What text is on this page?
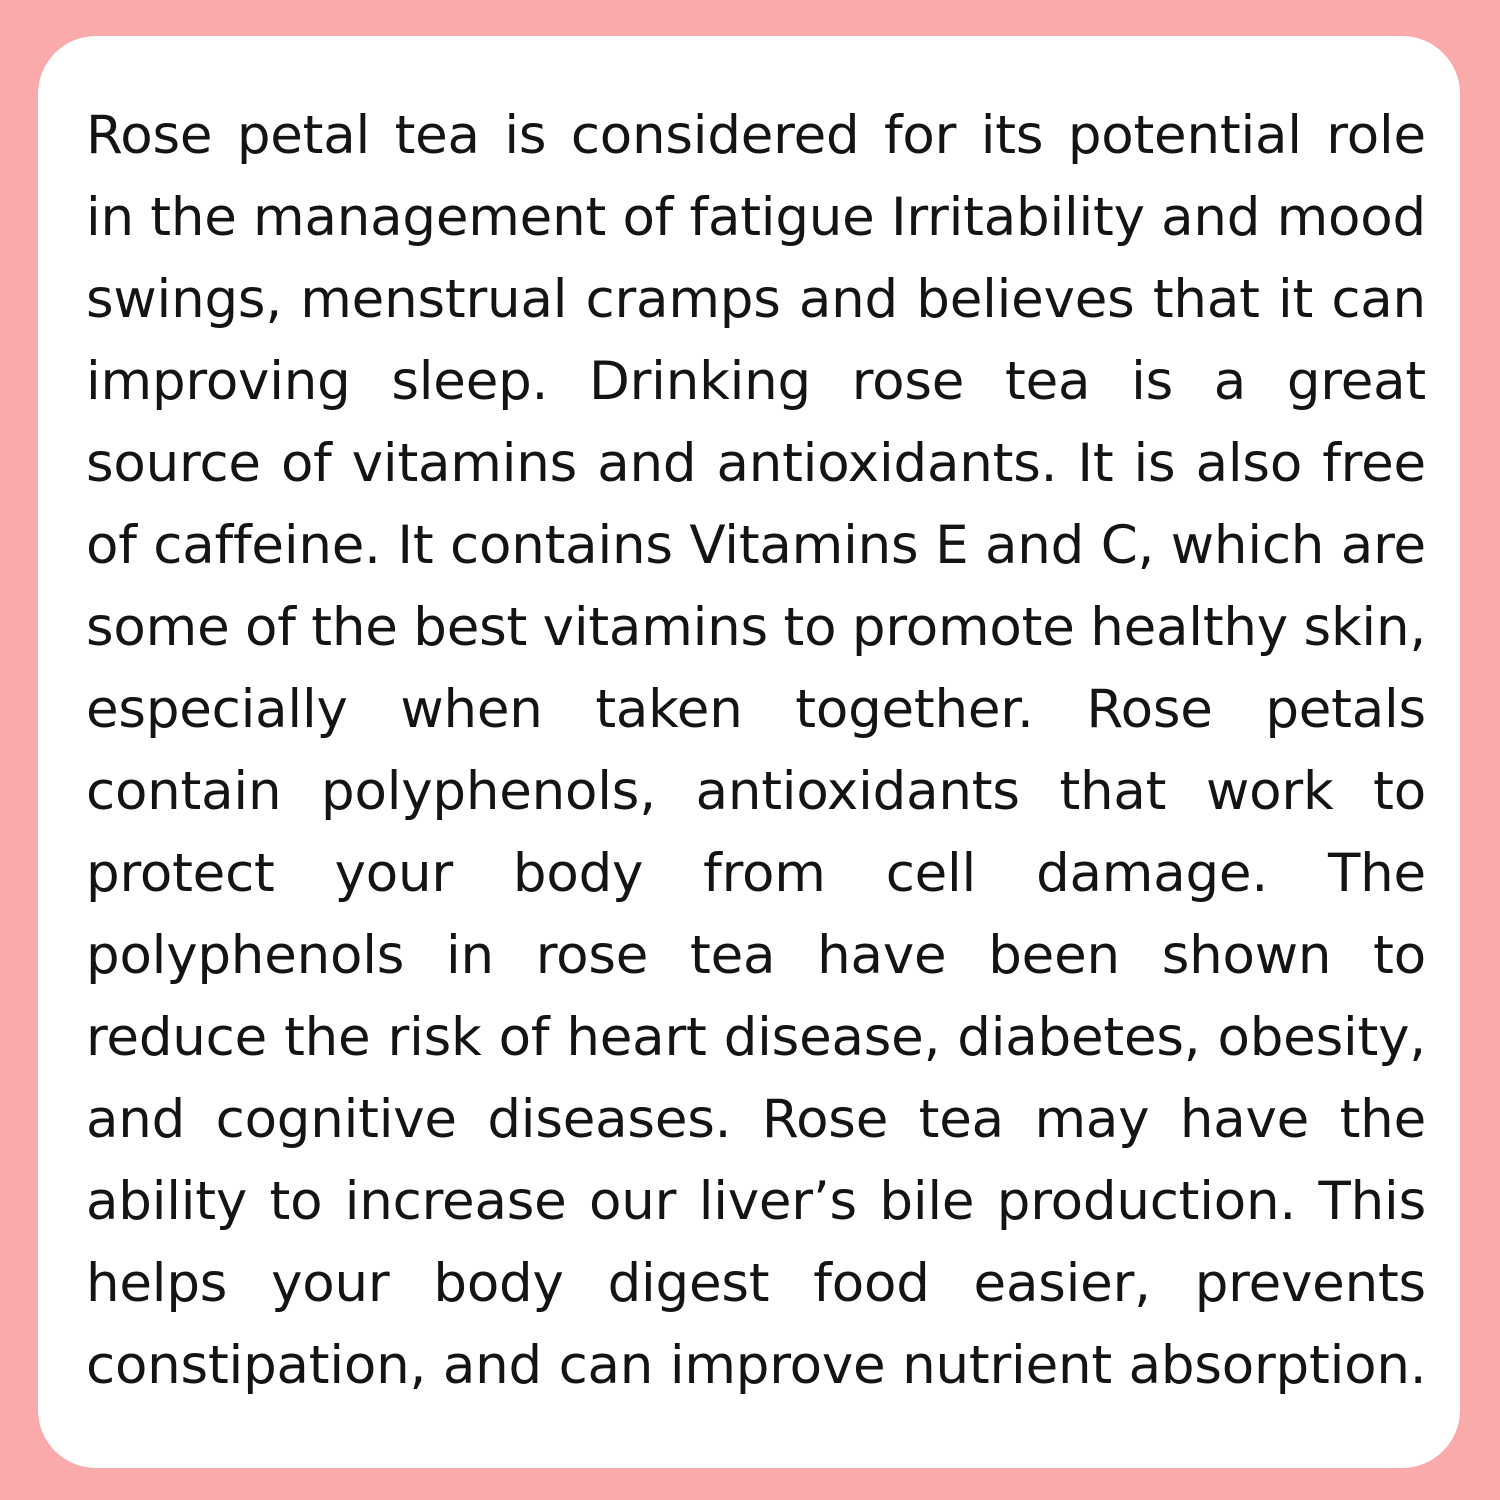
Rose petal tea is considered for its potential role
in the management of fatigue Irritability and mood
swings, menstrual cramps and believes that it can
improving sleep. Drinking rose tea is a great
source of vitamins and antioxidants. It is also free
of caffeine. It contains Vitamins E and C, which are
some of the best vitamins to promote healthy skin,
especially when taken together. Rose petals
contain polyphenols, antioxidants that work to
protect your body from cell damage. The
polyphenols in rose tea have been shown to
reduce the risk of heart disease, diabetes, obesity,
and cognitive diseases. Rose tea may have the
ability to increase our liver’s bile production. This
helps your body digest food easier, prevents
constipation, and can improve nutrient absorption.
